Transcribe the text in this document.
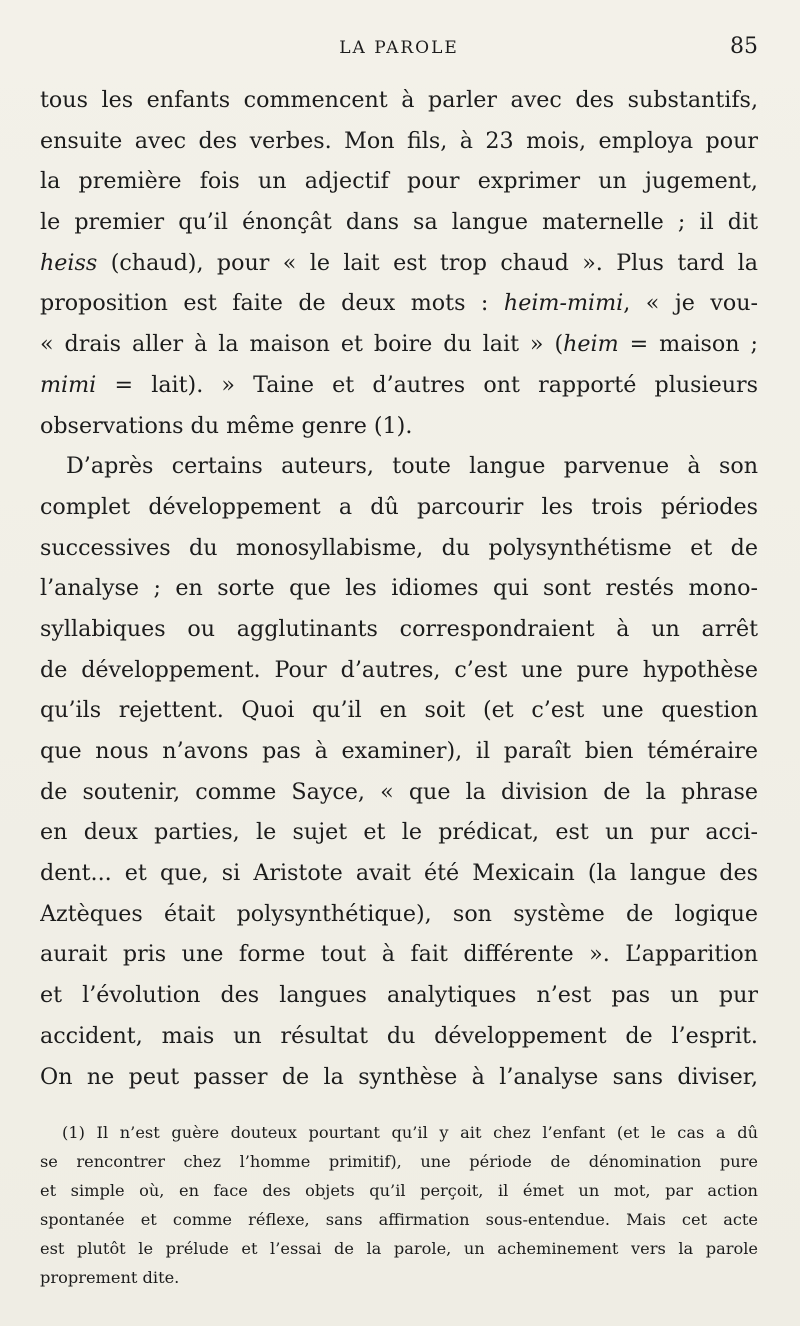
LA PAROLE	85
tous les enfants commencent à parler avec des substantifs,
ensuite avec des verbes. Mon fils, à 23 mois, employa pour
la première fois un adjectif pour exprimer un jugement,
le premier qu’il énonçât dans sa langue maternelle ; il dit
heiss (chaud), pour « le lait est trop chaud ». Plus tard la
proposition est faite de deux mots : heim-mimi, « je vou-
« drais aller à la maison et boire du lait » (heim = maison ;
mimi = lait). » Taine et d’autres ont rapporté plusieurs
observations du même genre (1).
D’après certains auteurs, toute langue parvenue à son
complet développement a dû parcourir les trois périodes
successives du monosyllabisme, du polysynthétisme et de
l’analyse ; en sorte que les idiomes qui sont restés mono-
syllabiques ou agglutinants correspondraient à un arrêt
de développement. Pour d’autres, c’est une pure hypothèse
qu’ils rejettent. Quoi qu’il en soit (et c’est une question
que nous n’avons pas à examiner), il paraît bien téméraire
de soutenir, comme Sayce, « que la division de la phrase
en deux parties, le sujet et le prédicat, est un pur acci-
dent... et que, si Aristote avait été Mexicain (la langue des
Aztèques était polysynthétique), son système de logique
aurait pris une forme tout à fait différente ». L’apparition
et l’évolution des langues analytiques n’est pas un pur
accident, mais un résultat du développement de l’esprit.
On ne peut passer de la synthèse à l’analyse sans diviser,
(1) Il n’est guère douteux pourtant qu’il y ait chez l’enfant (et le cas a dû
se rencontrer chez l’homme primitif), une période de dénomination pure
et simple où, en face des objets qu’il perçoit, il émet un mot, par action
spontanée et comme réflexe, sans affirmation sous-entendue. Mais cet acte
est plutôt le prélude et l’essai de la parole, un acheminement vers la parole
proprement dite.
